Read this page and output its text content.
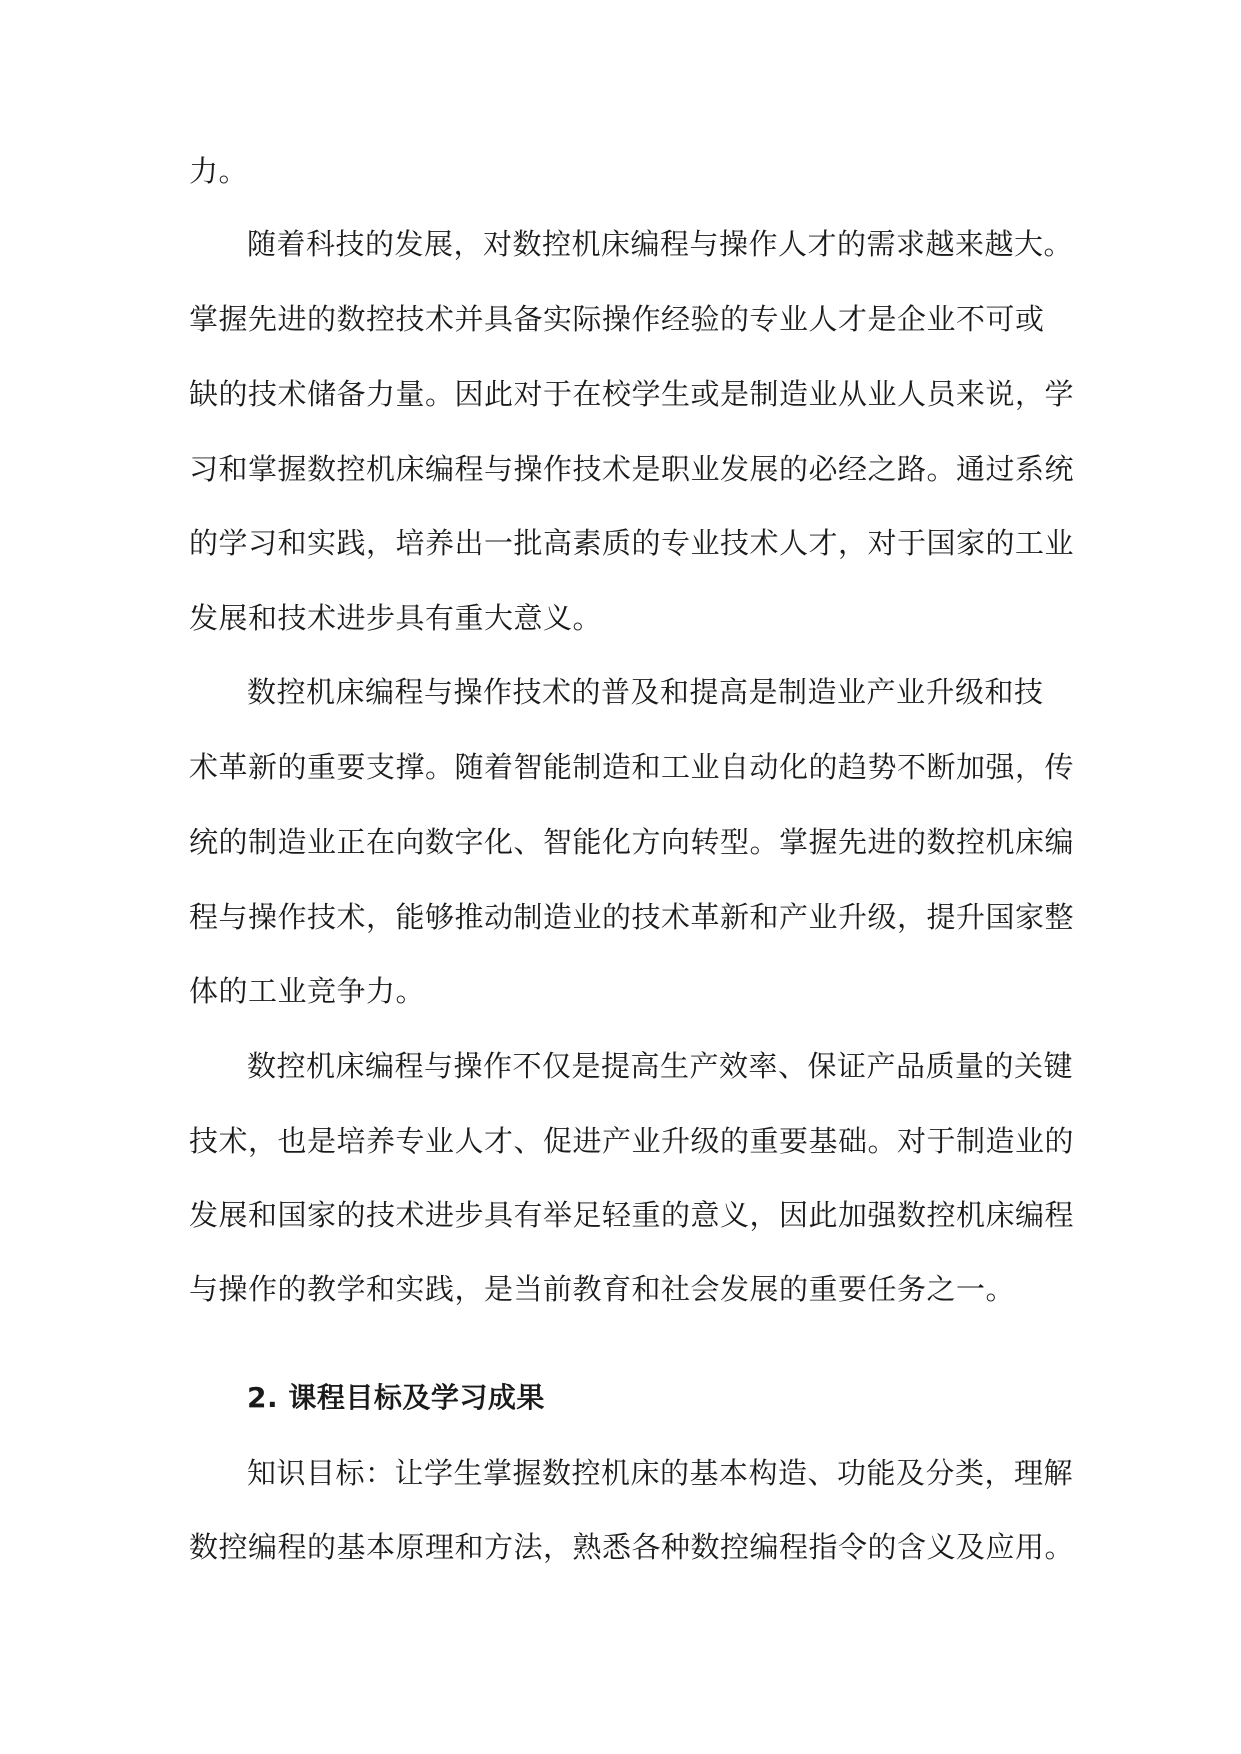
力。
随着科技的发展，对数控机床编程与操作人才的需求越来越大。
掌握先进的数控技术并具备实际操作经验的专业人才是企业不可或
缺的技术储备力量。因此对于在校学生或是制造业从业人员来说，学
习和掌握数控机床编程与操作技术是职业发展的必经之路。通过系统
的学习和实践，培养出一批高素质的专业技术人才，对于国家的工业
发展和技术进步具有重大意义。
数控机床编程与操作技术的普及和提高是制造业产业升级和技
术革新的重要支撑。随着智能制造和工业自动化的趋势不断加强，传
统的制造业正在向数字化、智能化方向转型。掌握先进的数控机床编
程与操作技术，能够推动制造业的技术革新和产业升级，提升国家整
体的工业竞争力。
数控机床编程与操作不仅是提高生产效率、保证产品质量的关键
技术，也是培养专业人才、促进产业升级的重要基础。对于制造业的
发展和国家的技术进步具有举足轻重的意义，因此加强数控机床编程
与操作的教学和实践，是当前教育和社会发展的重要任务之一。
2. 课程目标及学习成果
知识目标：让学生掌握数控机床的基本构造、功能及分类，理解
数控编程的基本原理和方法，熟悉各种数控编程指令的含义及应用。
